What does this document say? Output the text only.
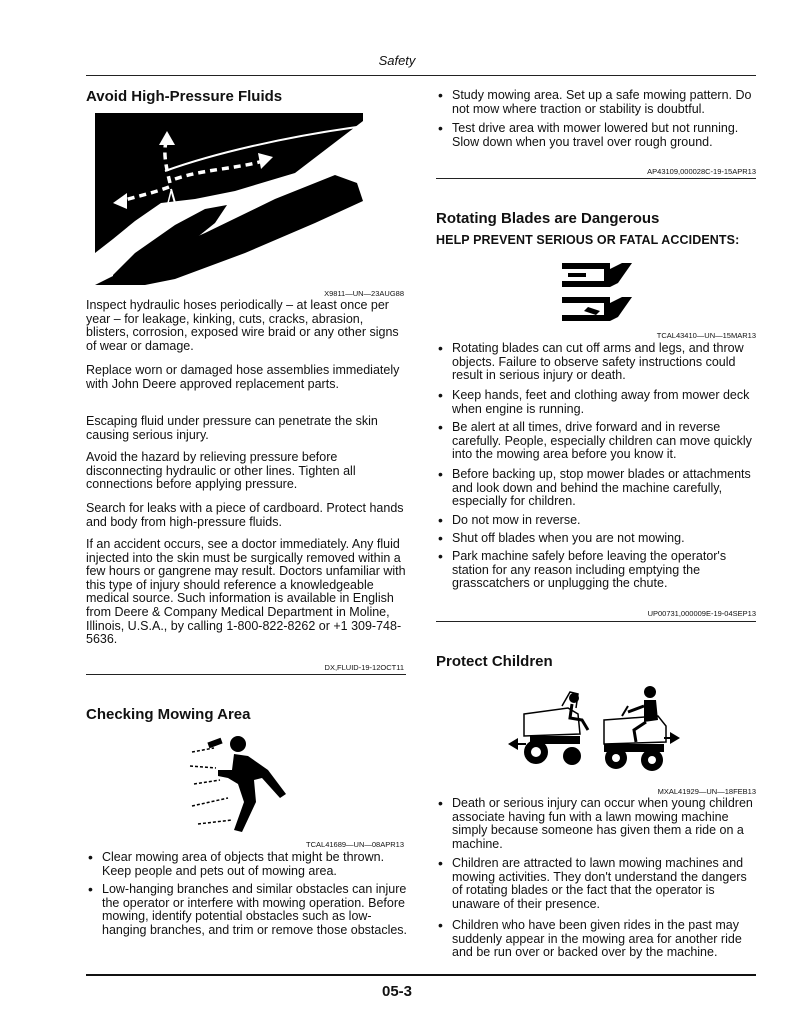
Safety
Avoid High-Pressure Fluids
X9811—UN—23AUG88
Inspect hydraulic hoses periodically – at least once per year – for leakage, kinking, cuts, cracks, abrasion, blisters, corrosion, exposed wire braid or any other signs of wear or damage.
Replace worn or damaged hose assemblies immediately with John Deere approved replacement parts.
Escaping fluid under pressure can penetrate the skin causing serious injury.
Avoid the hazard by relieving pressure before disconnecting hydraulic or other lines. Tighten all connections before applying pressure.
Search for leaks with a piece of cardboard. Protect hands and body from high-pressure fluids.
If an accident occurs, see a doctor immediately. Any fluid injected into the skin must be surgically removed within a few hours or gangrene may result. Doctors unfamiliar with this type of injury should reference a knowledgeable medical source. Such information is available in English from Deere & Company Medical Department in Moline, Illinois, U.S.A., by calling 1-800-822-8262 or +1 309-748-5636.
DX,FLUID-19-12OCT11
Checking Mowing Area
TCAL41689—UN—08APR13
• Clear mowing area of objects that might be thrown. Keep people and pets out of mowing area.
• Low-hanging branches and similar obstacles can injure the operator or interfere with mowing operation. Before mowing, identify potential obstacles such as low-hanging branches, and trim or remove those obstacles.
• Study mowing area. Set up a safe mowing pattern. Do not mow where traction or stability is doubtful.
• Test drive area with mower lowered but not running. Slow down when you travel over rough ground.
AP43109,000028C-19-15APR13
Rotating Blades are Dangerous
HELP PREVENT SERIOUS OR FATAL ACCIDENTS:
TCAL43410—UN—15MAR13
• Rotating blades can cut off arms and legs, and throw objects. Failure to observe safety instructions could result in serious injury or death.
• Keep hands, feet and clothing away from mower deck when engine is running.
• Be alert at all times, drive forward and in reverse carefully. People, especially children can move quickly into the mowing area before you know it.
• Before backing up, stop mower blades or attachments and look down and behind the machine carefully, especially for children.
• Do not mow in reverse.
• Shut off blades when you are not mowing.
• Park machine safely before leaving the operator's station for any reason including emptying the grasscatchers or unplugging the chute.
UP00731,000009E-19-04SEP13
Protect Children
MXAL41929—UN—18FEB13
• Death or serious injury can occur when young children associate having fun with a lawn mowing machine simply because someone has given them a ride on a machine.
• Children are attracted to lawn mowing machines and mowing activities. They don't understand the dangers of rotating blades or the fact that the operator is unaware of their presence.
• Children who have been given rides in the past may suddenly appear in the mowing area for another ride and be run over or backed over by the machine.
05-3
